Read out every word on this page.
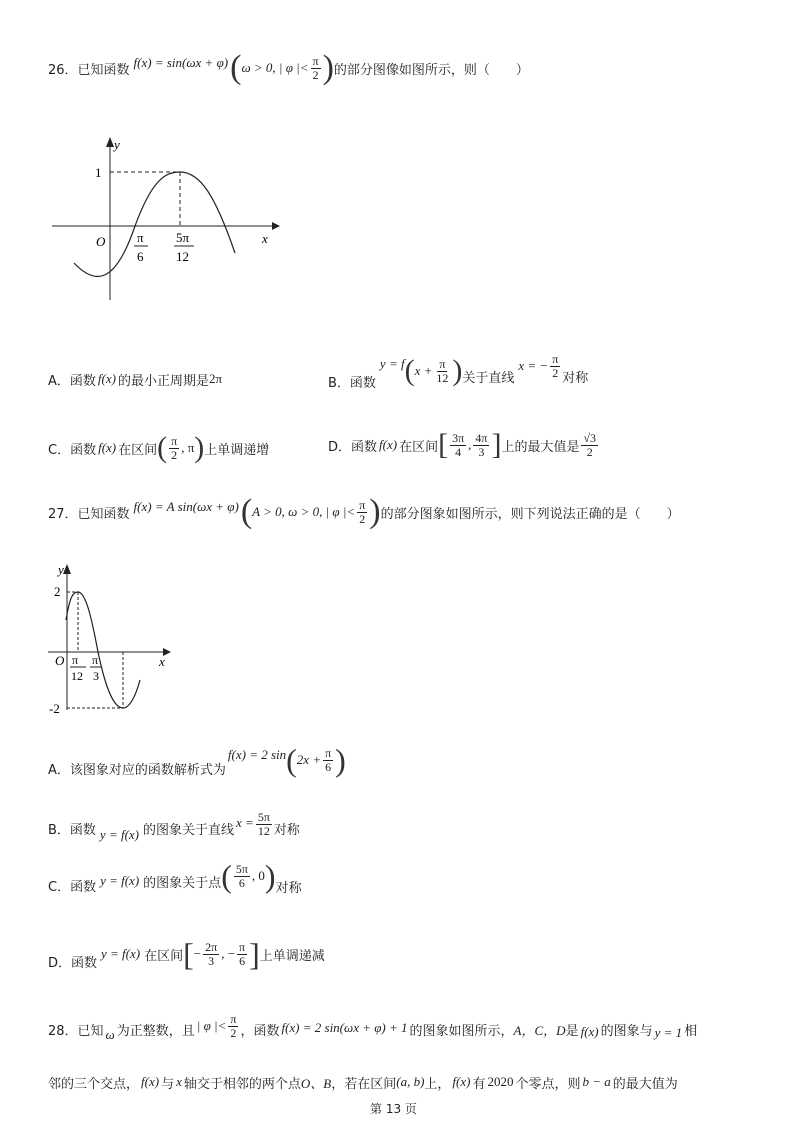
26．已知函数 f(x) = sin(ωx + φ) ( ω > 0, | φ |< $\frac{\pi}{2}$ ) 的部分图像如图所示，则（　　）
y
x
1
O π
6
5π
12
A．函数 f(x) 的最小正周期是 2π	B．函数
y = f ( $x + \frac{\pi}{12}$ ) 关于直线
x = − $\frac{\pi}{2}$ 对称
C．函数 f(x) 在区间 ( $\frac{\pi}{2}$ , π ) 上单调递增	D．函数 f(x) 在区间 [ $\frac{3\pi}{4}$ , $\frac{4\pi}{3}$ ] 上的最大值是 $\frac{√3}{2}$
27．已知函数 f(x) = A sin(ωx + φ) ( A > 0, ω > 0, | φ |< $\frac{\pi}{2}$ ) 的部分图象如图所示，则下列说法正确的是（　　）
y
x
2
-2
O π
12
π
3
A．该图象对应的函数解析式为
f(x) = 2 sin ( $2x + \frac{\pi}{6}$ )
B．函数 y = f(x) 的图象关于直线 $x = \frac{5\pi}{12}$ 对称
C．函数 y = f(x) 的图象关于点 ( $\frac{5\pi}{6}$ , 0 ) 对称
D．函数
y = f(x) 在区间 [ − $\frac{2\pi}{3}$ , − $\frac{\pi}{6}$ ] 上单调递减
28．已知 ω 为正整数，且 | φ |< $\frac{\pi}{2}$ ，函数 f(x) = 2 sin(ωx + φ) + 1 的图象如图所示， A，C，D 是 f(x) 的图象与 y = 1 相
邻的三个交点， f(x) 与 x 轴交于相邻的两个点 O、B ，若在区间 (a, b) 上， f(x) 有 2020 个零点，则 b − a 的最大值为
第 13 页
